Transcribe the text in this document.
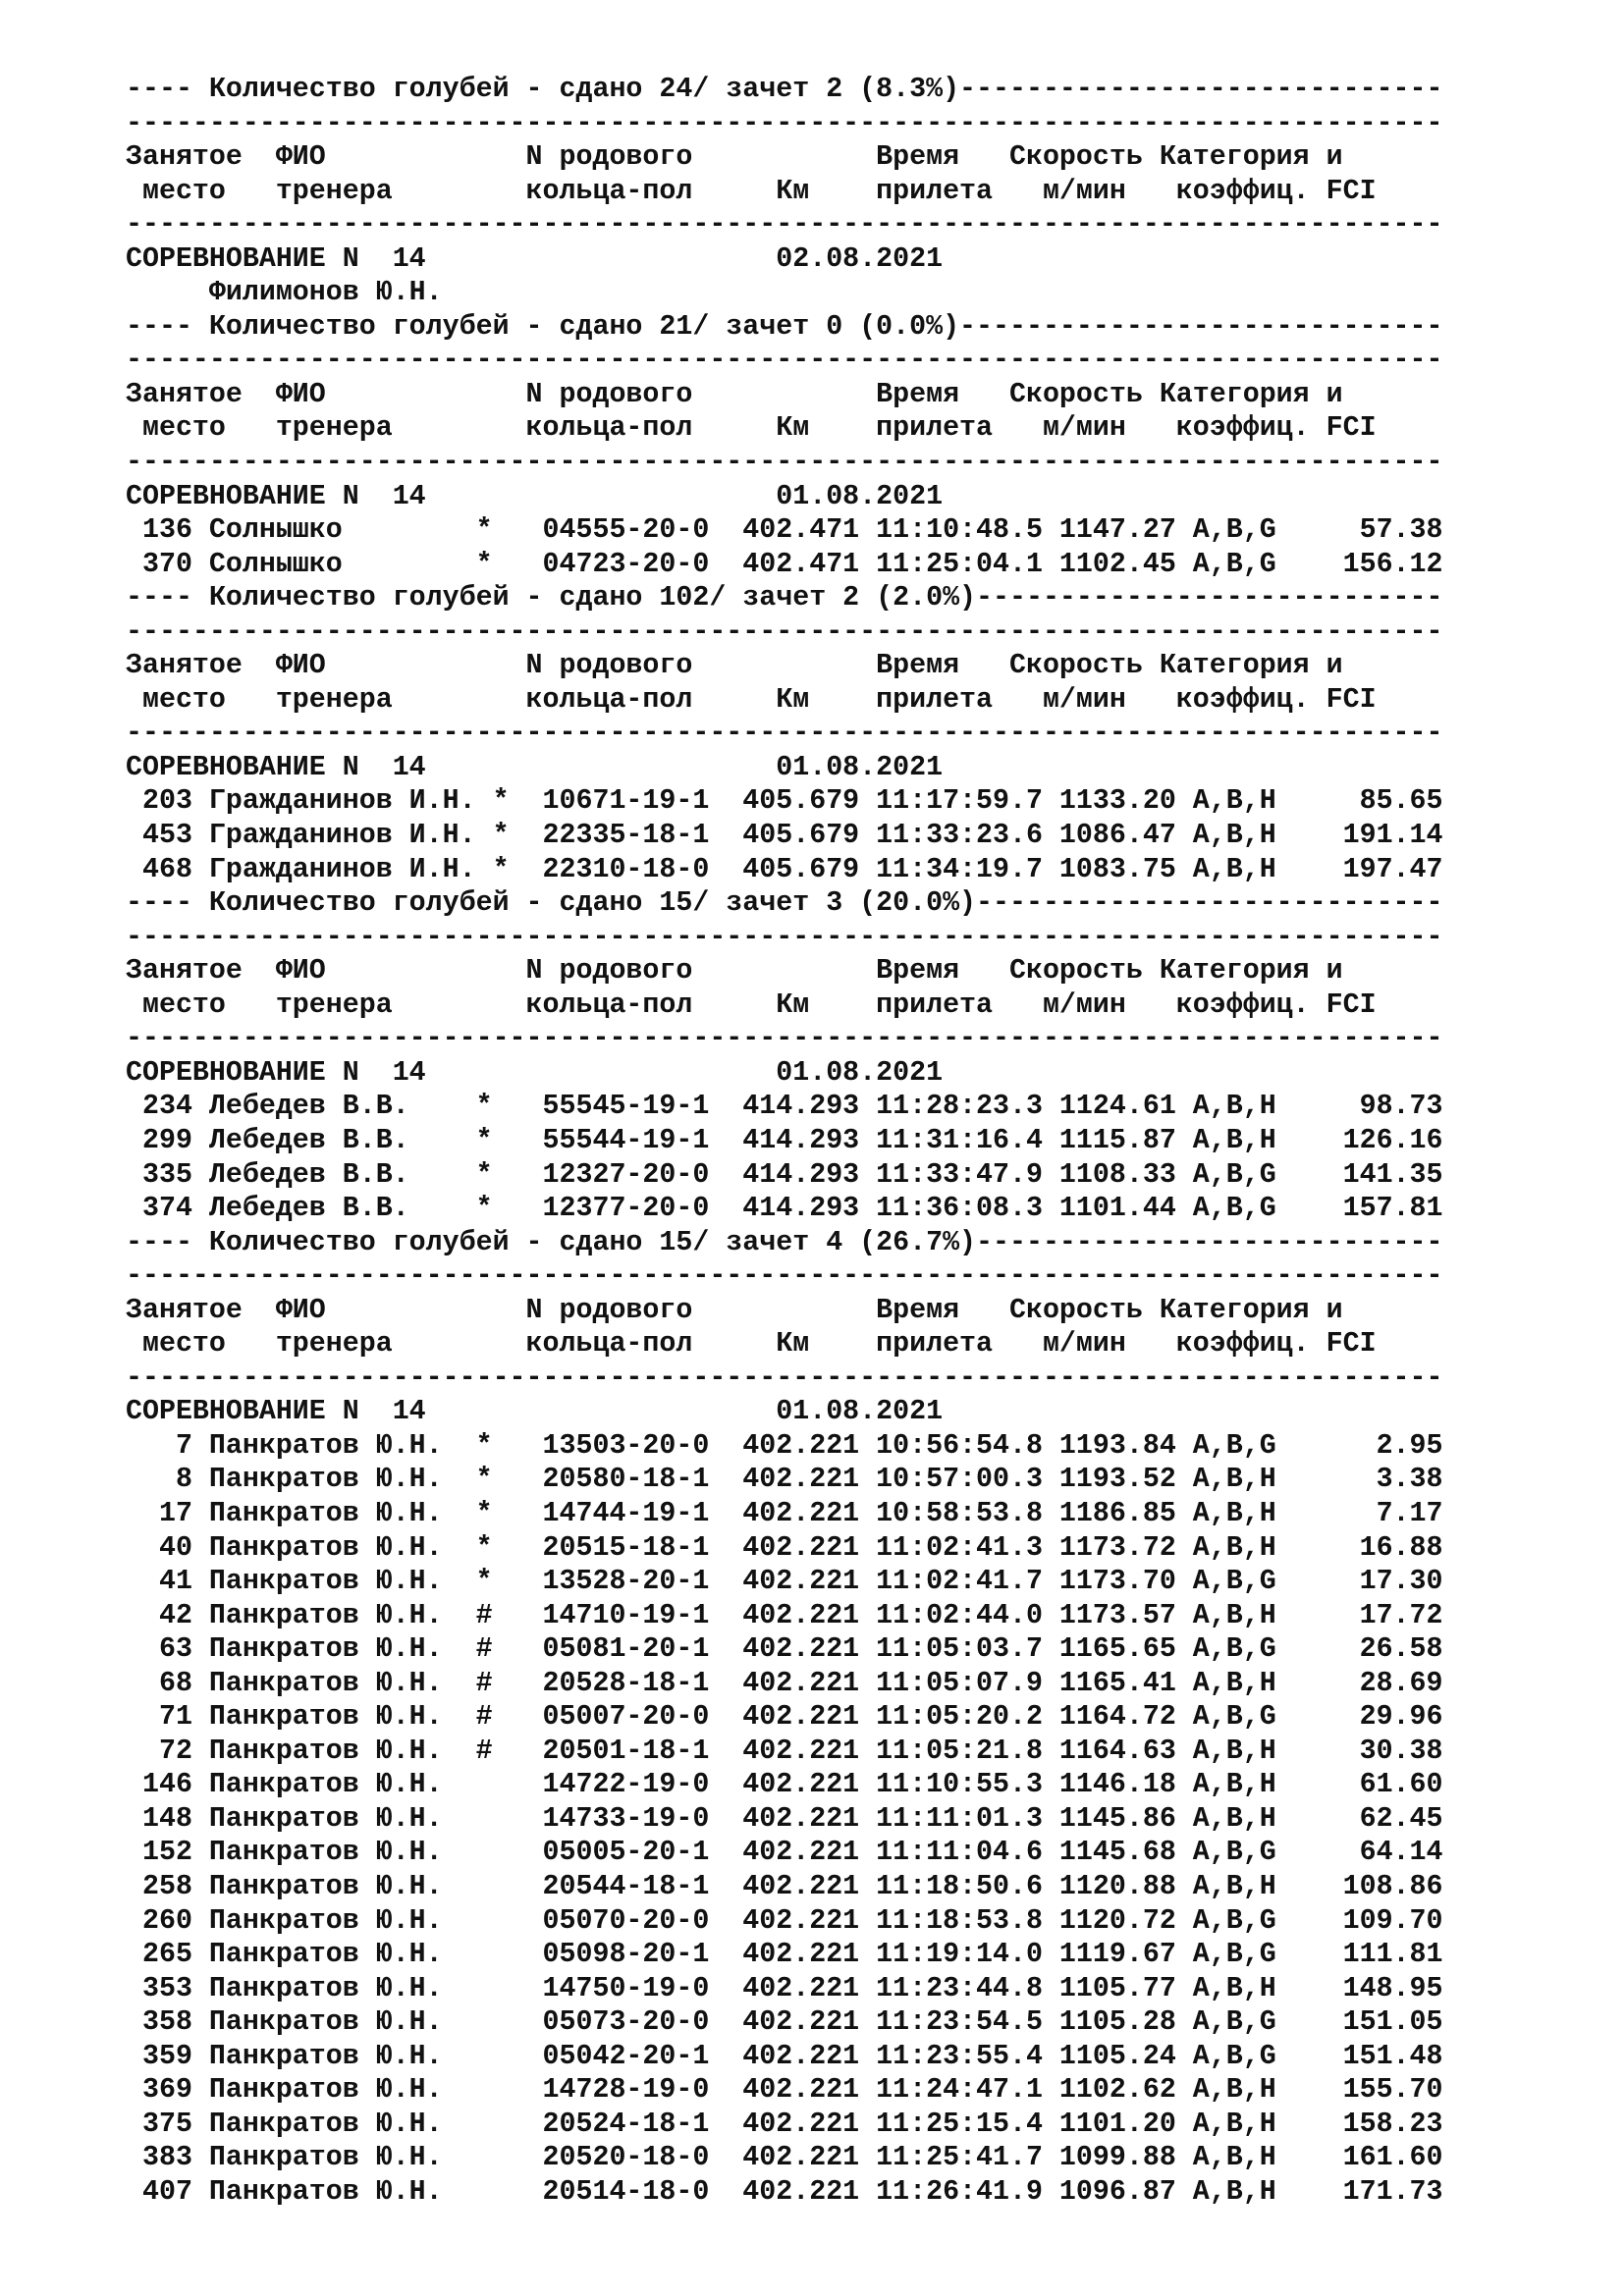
---- Количество голубей - сдано 24/ зачет 2 (8.3%)-----------------------------
-------------------------------------------------------------------------------
Занятое  ФИО            N родового           Время   Скорость Категория и
место   тренера        кольца-пол     Км    прилета   м/мин   коэффиц. FCI
-------------------------------------------------------------------------------
СОРЕВНОВАНИЕ N  14                     02.08.2021
Филимонов Ю.Н.
---- Количество голубей - сдано 21/ зачет 0 (0.0%)-----------------------------
-------------------------------------------------------------------------------
Занятое  ФИО            N родового           Время   Скорость Категория и
место   тренера        кольца-пол     Км    прилета   м/мин   коэффиц. FCI
-------------------------------------------------------------------------------
СОРЕВНОВАНИЕ N  14                     01.08.2021
136 Солнышко        *   04555-20-0  402.471 11:10:48.5 1147.27 A,B,G     57.38
370 Солнышко        *   04723-20-0  402.471 11:25:04.1 1102.45 A,B,G    156.12
---- Количество голубей - сдано 102/ зачет 2 (2.0%)----------------------------
-------------------------------------------------------------------------------
Занятое  ФИО            N родового           Время   Скорость Категория и
место   тренера        кольца-пол     Км    прилета   м/мин   коэффиц. FCI
-------------------------------------------------------------------------------
СОРЕВНОВАНИЕ N  14                     01.08.2021
203 Гражданинов И.Н. *  10671-19-1  405.679 11:17:59.7 1133.20 A,B,H     85.65
453 Гражданинов И.Н. *  22335-18-1  405.679 11:33:23.6 1086.47 A,B,H    191.14
468 Гражданинов И.Н. *  22310-18-0  405.679 11:34:19.7 1083.75 A,B,H    197.47
---- Количество голубей - сдано 15/ зачет 3 (20.0%)----------------------------
-------------------------------------------------------------------------------
Занятое  ФИО            N родового           Время   Скорость Категория и
место   тренера        кольца-пол     Км    прилета   м/мин   коэффиц. FCI
-------------------------------------------------------------------------------
СОРЕВНОВАНИЕ N  14                     01.08.2021
234 Лебедев В.В.    *   55545-19-1  414.293 11:28:23.3 1124.61 A,B,H     98.73
299 Лебедев В.В.    *   55544-19-1  414.293 11:31:16.4 1115.87 A,B,H    126.16
335 Лебедев В.В.    *   12327-20-0  414.293 11:33:47.9 1108.33 A,B,G    141.35
374 Лебедев В.В.    *   12377-20-0  414.293 11:36:08.3 1101.44 A,B,G    157.81
---- Количество голубей - сдано 15/ зачет 4 (26.7%)----------------------------
-------------------------------------------------------------------------------
Занятое  ФИО            N родового           Время   Скорость Категория и
место   тренера        кольца-пол     Км    прилета   м/мин   коэффиц. FCI
-------------------------------------------------------------------------------
СОРЕВНОВАНИЕ N  14                     01.08.2021
7 Панкратов Ю.Н.  *   13503-20-0  402.221 10:56:54.8 1193.84 A,B,G      2.95
8 Панкратов Ю.Н.  *   20580-18-1  402.221 10:57:00.3 1193.52 A,B,H      3.38
17 Панкратов Ю.Н.  *   14744-19-1  402.221 10:58:53.8 1186.85 A,B,H      7.17
40 Панкратов Ю.Н.  *   20515-18-1  402.221 11:02:41.3 1173.72 A,B,H     16.88
41 Панкратов Ю.Н.  *   13528-20-1  402.221 11:02:41.7 1173.70 A,B,G     17.30
42 Панкратов Ю.Н.  #   14710-19-1  402.221 11:02:44.0 1173.57 A,B,H     17.72
63 Панкратов Ю.Н.  #   05081-20-1  402.221 11:05:03.7 1165.65 A,B,G     26.58
68 Панкратов Ю.Н.  #   20528-18-1  402.221 11:05:07.9 1165.41 A,B,H     28.69
71 Панкратов Ю.Н.  #   05007-20-0  402.221 11:05:20.2 1164.72 A,B,G     29.96
72 Панкратов Ю.Н.  #   20501-18-1  402.221 11:05:21.8 1164.63 A,B,H     30.38
146 Панкратов Ю.Н.      14722-19-0  402.221 11:10:55.3 1146.18 A,B,H     61.60
148 Панкратов Ю.Н.      14733-19-0  402.221 11:11:01.3 1145.86 A,B,H     62.45
152 Панкратов Ю.Н.      05005-20-1  402.221 11:11:04.6 1145.68 A,B,G     64.14
258 Панкратов Ю.Н.      20544-18-1  402.221 11:18:50.6 1120.88 A,B,H    108.86
260 Панкратов Ю.Н.      05070-20-0  402.221 11:18:53.8 1120.72 A,B,G    109.70
265 Панкратов Ю.Н.      05098-20-1  402.221 11:19:14.0 1119.67 A,B,G    111.81
353 Панкратов Ю.Н.      14750-19-0  402.221 11:23:44.8 1105.77 A,B,H    148.95
358 Панкратов Ю.Н.      05073-20-0  402.221 11:23:54.5 1105.28 A,B,G    151.05
359 Панкратов Ю.Н.      05042-20-1  402.221 11:23:55.4 1105.24 A,B,G    151.48
369 Панкратов Ю.Н.      14728-19-0  402.221 11:24:47.1 1102.62 A,B,H    155.70
375 Панкратов Ю.Н.      20524-18-1  402.221 11:25:15.4 1101.20 A,B,H    158.23
383 Панкратов Ю.Н.      20520-18-0  402.221 11:25:41.7 1099.88 A,B,H    161.60
407 Панкратов Ю.Н.      20514-18-0  402.221 11:26:41.9 1096.87 A,B,H    171.73
